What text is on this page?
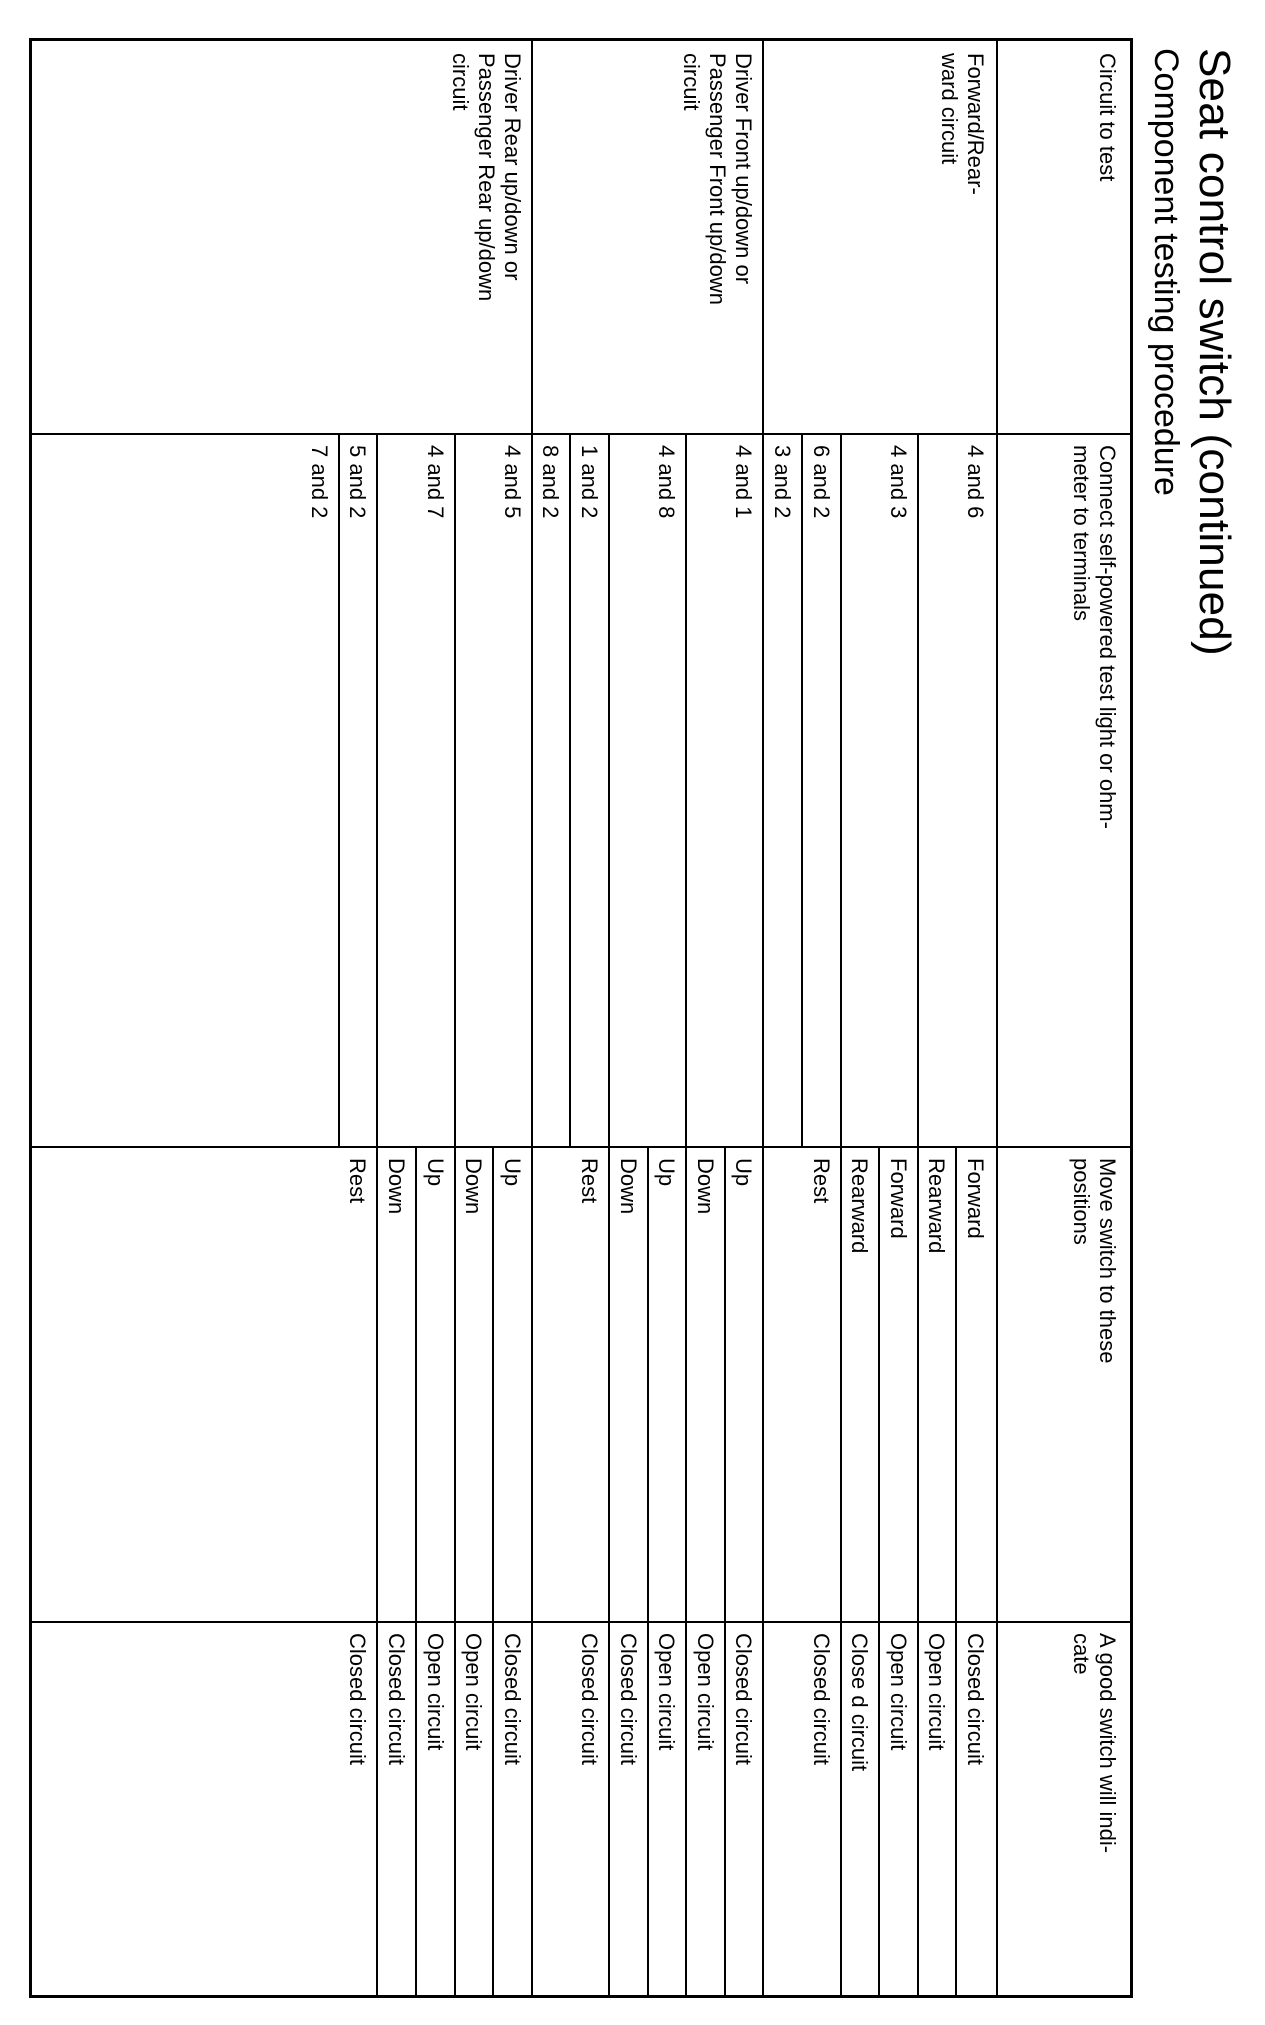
Seat control switch (continued)
Component testing procedure
Circuit to test
Connect self-powered test light or ohm-
meter to terminals
Move switch to these
positions
A good switch will indi-
cate
Forward/Rear-
ward circuit
4 and 6
Forward
Closed circuit
Rearward
Open circuit
4 and 3
Forward
Open circuit
Rearward
Close d circuit
6 and 2
Rest
Closed circuit
3 and 2
Driver Front up/down or
Passenger Front up/down
circuit
4 and 1
Up
Closed circuit
Down
Open circuit
4 and 8
Up
Open circuit
Down
Closed circuit
1 and 2
Rest
Closed circuit
8 and 2
Driver Rear up/down or
Passenger Rear up/down
circuit
4 and 5
Up
Closed circuit
Down
Open circuit
4 and 7
Up
Open circuit
Down
Closed circuit
5 and 2
Rest
Closed circuit
7 and 2
